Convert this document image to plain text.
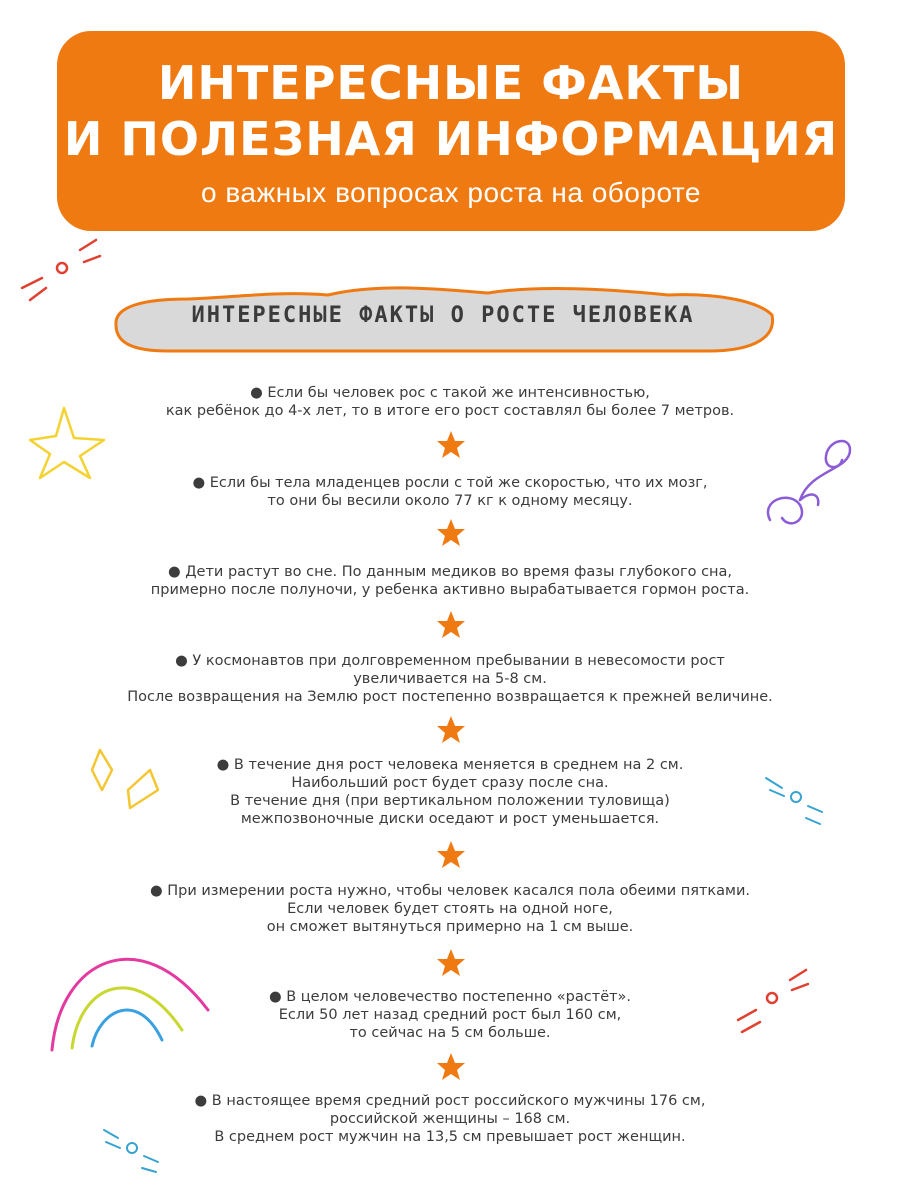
ИНТЕРЕСНЫЕ ФАКТЫ
И ПОЛЕЗНАЯ ИНФОРМАЦИЯ
о важных вопросах роста на обороте
ИНТЕРЕСНЫЕ ФАКТЫ О РОСТЕ ЧЕЛОВЕКА
● Если бы человек рос с такой же интенсивностью,
как ребёнок до 4-х лет, то в итоге его рост составлял бы более 7 метров.
● Если бы тела младенцев росли с той же скоростью, что их мозг,
то они бы весили около 77 кг к одному месяцу.
● Дети растут во сне. По данным медиков во время фазы глубокого сна,
примерно после полуночи, у ребенка активно вырабатывается гормон роста.
● У космонавтов при долговременном пребывании в невесомости рост
увеличивается на 5-8 см.
После возвращения на Землю рост постепенно возвращается к прежней величине.
● В течение дня рост человека меняется в среднем на 2 см.
Наибольший рост будет сразу после сна.
В течение дня (при вертикальном положении туловища)
межпозвоночные диски оседают и рост уменьшается.
● При измерении роста нужно, чтобы человек касался пола обеими пятками.
Если человек будет стоять на одной ноге,
он сможет вытянуться примерно на 1 см выше.
● В целом человечество постепенно «растёт».
Если 50 лет назад средний рост был 160 см,
то сейчас на 5 см больше.
● В настоящее время средний рост российского мужчины 176 см,
российской женщины – 168 см.
В среднем рост мужчин на 13,5 см превышает рост женщин.
